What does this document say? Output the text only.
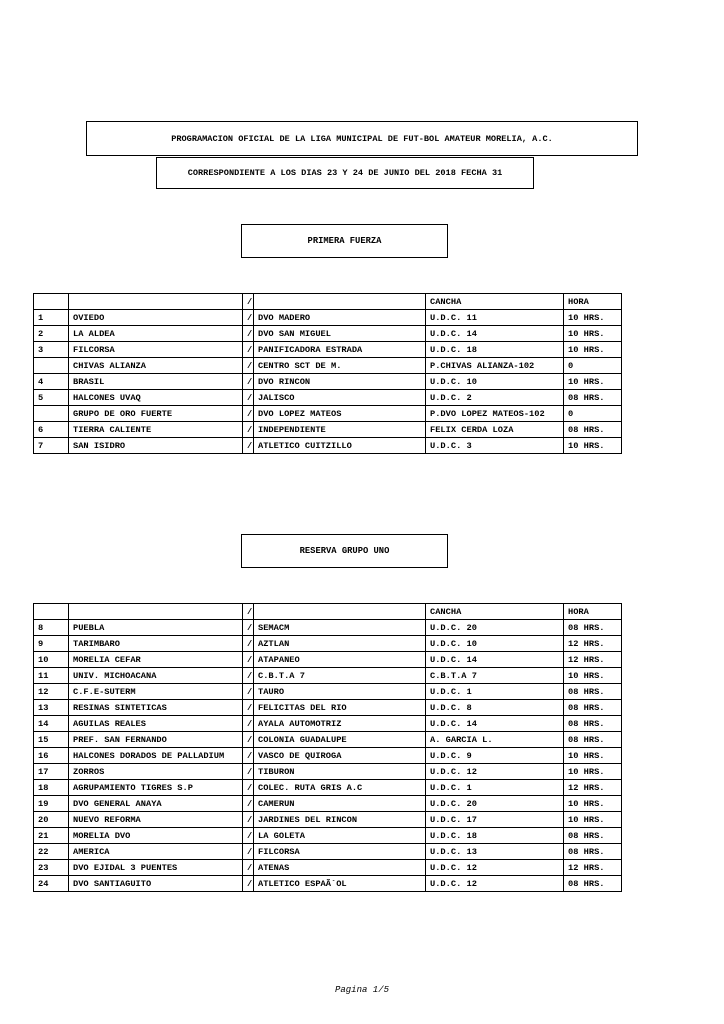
PROGRAMACION OFICIAL DE LA LIGA MUNICIPAL DE FUT-BOL AMATEUR MORELIA, A.C.
CORRESPONDIENTE A LOS DIAS 23 Y 24 DE JUNIO DEL 2018 FECHA 31
PRIMERA FUERZA
		/		CANCHA	HORA
1	OVIEDO	/	DVO MADERO	U.D.C. 11	10 HRS.
2	LA ALDEA	/	DVO SAN MIGUEL	U.D.C. 14	10 HRS.
3	FILCORSA	/	PANIFICADORA ESTRADA	U.D.C. 18	10 HRS.
	CHIVAS ALIANZA	/	CENTRO SCT DE M.	P.CHIVAS ALIANZA-102	0
4	BRASIL	/	DVO RINCON	U.D.C. 10	10 HRS.
5	HALCONES UVAQ	/	JALISCO	U.D.C. 2	08 HRS.
	GRUPO DE ORO FUERTE	/	DVO LOPEZ MATEOS	P.DVO LOPEZ MATEOS-102	0
6	TIERRA CALIENTE	/	INDEPENDIENTE	FELIX CERDA LOZA	08 HRS.
7	SAN ISIDRO	/	ATLETICO CUITZILLO	U.D.C. 3	10 HRS.
RESERVA GRUPO UNO
		/		CANCHA	HORA
8	PUEBLA	/	SEMACM	U.D.C. 20	08 HRS.
9	TARIMBARO	/	AZTLAN	U.D.C. 10	12 HRS.
10	MORELIA CEFAR	/	ATAPANEO	U.D.C. 14	12 HRS.
11	UNIV. MICHOACANA	/	C.B.T.A 7	C.B.T.A 7	10 HRS.
12	C.F.E-SUTERM	/	TAURO	U.D.C. 1	08 HRS.
13	RESINAS SINTETICAS	/	FELICITAS DEL RIO	U.D.C. 8	08 HRS.
14	AGUILAS REALES	/	AYALA AUTOMOTRIZ	U.D.C. 14	08 HRS.
15	PREF. SAN FERNANDO	/	COLONIA GUADALUPE	A. GARCIA L.	08 HRS.
16	HALCONES DORADOS DE PALLADIUM	/	VASCO DE QUIROGA	U.D.C. 9	10 HRS.
17	ZORROS	/	TIBURON	U.D.C. 12	10 HRS.
18	AGRUPAMIENTO TIGRES S.P	/	COLEC. RUTA GRIS A.C	U.D.C. 1	12 HRS.
19	DVO GENERAL ANAYA	/	CAMERUN	U.D.C. 20	10 HRS.
20	NUEVO REFORMA	/	JARDINES DEL RINCON	U.D.C. 17	10 HRS.
21	MORELIA DVO	/	LA GOLETA	U.D.C. 18	08 HRS.
22	AMERICA	/	FILCORSA	U.D.C. 13	08 HRS.
23	DVO EJIDAL 3 PUENTES	/	ATENAS	U.D.C. 12	12 HRS.
24	DVO SANTIAGUITO	/	ATLETICO ESPAÃ`OL	U.D.C. 12	08 HRS.
Pagina 1/5
